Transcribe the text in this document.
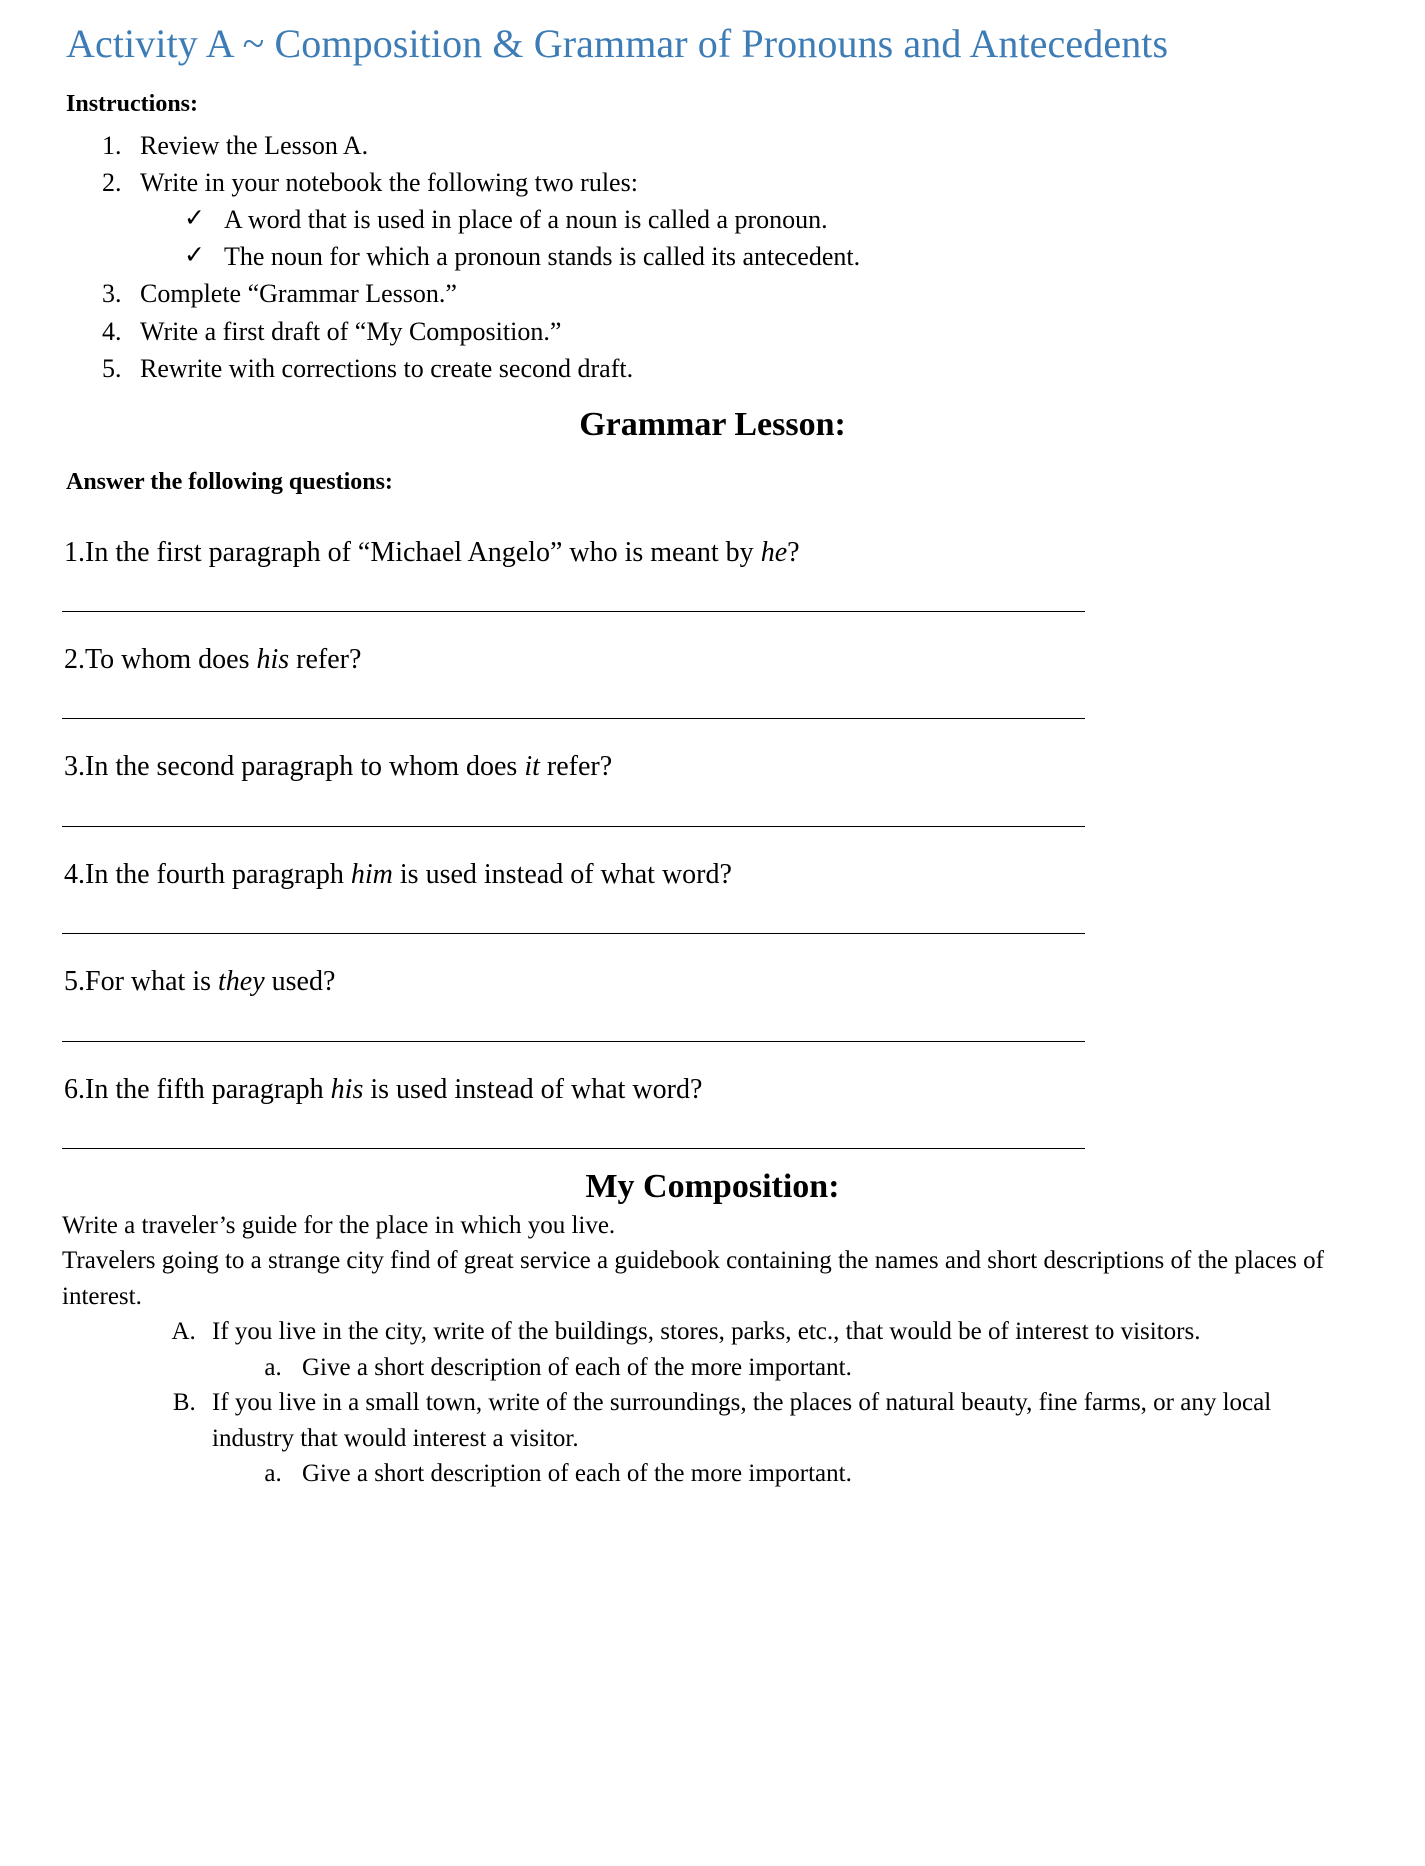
Activity A ~ Composition & Grammar of Pronouns and Antecedents
Instructions:
1. Review the Lesson A.
2. Write in your notebook the following two rules:
✓ A word that is used in place of a noun is called a pronoun.
✓ The noun for which a pronoun stands is called its antecedent.
3. Complete “Grammar Lesson.”
4. Write a first draft of “My Composition.”
5. Rewrite with corrections to create second draft.
Grammar Lesson:
Answer the following questions:
1.In the first paragraph of “Michael Angelo” who is meant by he?
2.To whom does his refer?
3.In the second paragraph to whom does it refer?
4.In the fourth paragraph him is used instead of what word?
5.For what is they used?
6.In the fifth paragraph his is used instead of what word?
My Composition:

Write a traveler’s guide for the place in which you live.

Travelers going to a strange city find of great service a guidebook containing the names and short descriptions of the places of interest.

A. If you live in the city, write of the buildings, stores, parks, etc., that would be of interest to visitors.
a. Give a short description of each of the more important.
B. If you live in a small town, write of the surroundings, the places of natural beauty, fine farms, or any local industry that would interest a visitor.
a. Give a short description of each of the more important.
